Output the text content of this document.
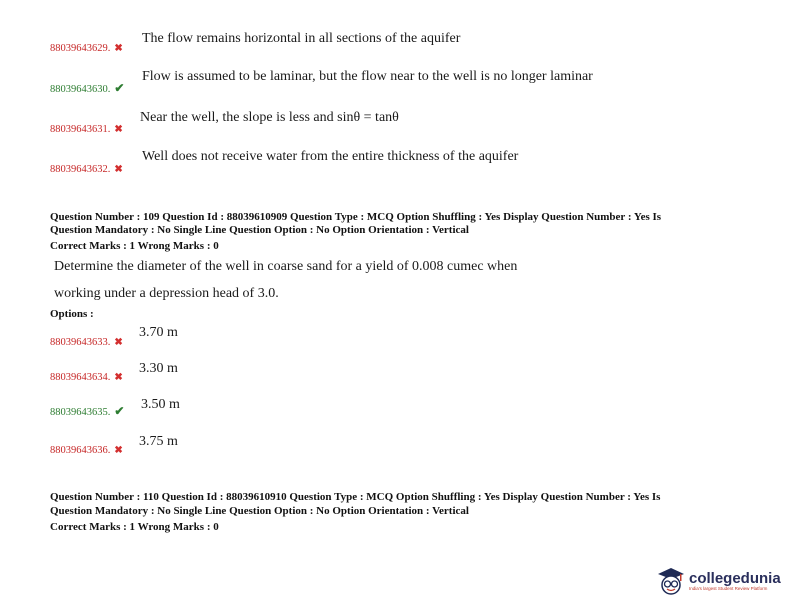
88039643629. ✖
The flow remains horizontal in all sections of the aquifer
88039643630. ✔
Flow is assumed to be laminar, but the flow near to the well is no longer laminar
88039643631. ✖
Near the well, the slope is less and sinθ = tanθ
88039643632. ✖
Well does not receive water from the entire thickness of the aquifer
Question Number : 109 Question Id : 88039610909 Question Type : MCQ Option Shuffling : Yes Display Question Number : Yes Is
Question Mandatory : No Single Line Question Option : No Option Orientation : Vertical
Correct Marks : 1 Wrong Marks : 0
Determine the diameter of the well in coarse sand for a yield of 0.008 cumec when
working under a depression head of 3.0.
Options :
88039643633. ✖
3.70 m
88039643634. ✖
3.30 m
88039643635. ✔ 3.50 m
88039643636. ✖
3.75 m
Question Number : 110 Question Id : 88039610910 Question Type : MCQ Option Shuffling : Yes Display Question Number : Yes Is
Question Mandatory : No Single Line Question Option : No Option Orientation : Vertical
Correct Marks : 1 Wrong Marks : 0
collegedunia
India's largest Student Review Platform
